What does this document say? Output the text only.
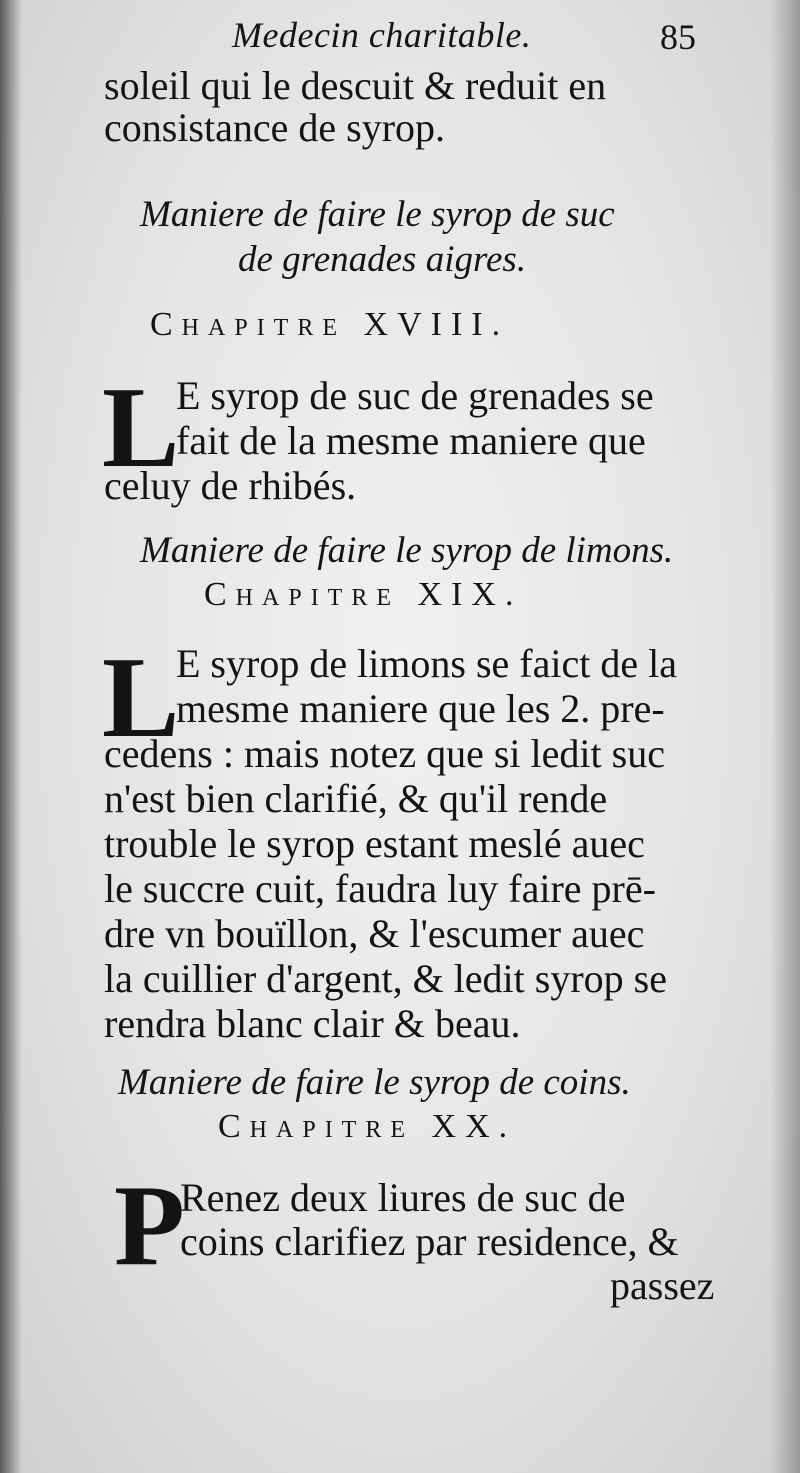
Medecin charitable.	85
soleil qui le descuit & reduit en
consistance de syrop.
Maniere de faire le syrop de suc
de grenades aigres.
Chapitre XVIII.
L
E syrop de suc de grenades se
fait de la mesme maniere que
celuy de rhibés.
Maniere de faire le syrop de limons.
Chapitre XIX.
L
E syrop de limons se faict de la
mesme maniere que les 2. pre-
cedens : mais notez que si ledit suc
n'est bien clarifié, & qu'il rende
trouble le syrop estant meslé auec
le succre cuit, faudra luy faire prē-
dre vn bouïllon, & l'escumer auec
la cuillier d'argent, & ledit syrop se
rendra blanc clair & beau.
Maniere de faire le syrop de coins.
Chapitre XX.
P
Renez deux liures de suc de
coins clarifiez par residence, &
passez
